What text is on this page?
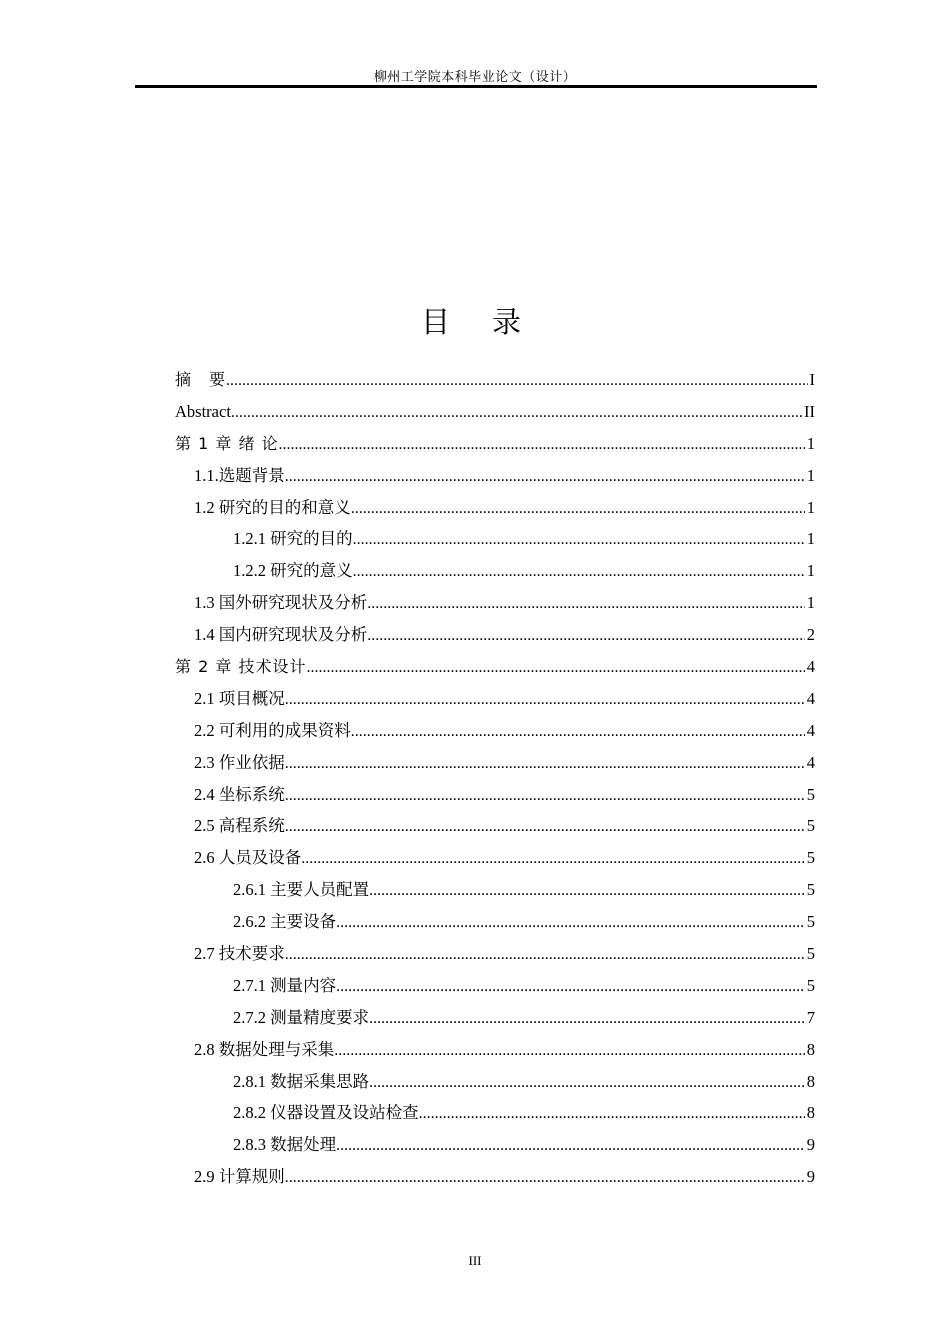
柳州工学院本科毕业论文（设计）
目 录
摘　要 .....	I
Abstract .....	II
第 1 章 绪 论 .....	1
1.1.选题背景 .....	1
1.2 研究的目的和意义 .....	1
1.2.1 研究的目的 .....	1
1.2.2 研究的意义 .....	1
1.3 国外研究现状及分析 .....	1
1.4 国内研究现状及分析 .....	2
第 2 章 技术设计 .....	4
2.1 项目概况 .....	4
2.2 可利用的成果资料 .....	4
2.3 作业依据 .....	4
2.4 坐标系统 .....	5
2.5 高程系统 .....	5
2.6 人员及设备 .....	5
2.6.1 主要人员配置 .....	5
2.6.2 主要设备 .....	5
2.7 技术要求 .....	5
2.7.1 测量内容 .....	5
2.7.2 测量精度要求 .....	7
2.8 数据处理与采集 .....	8
2.8.1 数据采集思路 .....	8
2.8.2 仪器设置及设站检查 .....	8
2.8.3 数据处理 .....	9
2.9 计算规则 .....	9
III
